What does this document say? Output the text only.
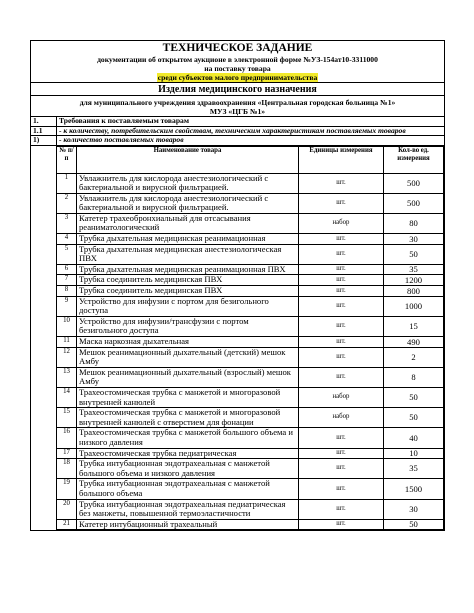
ТЕХНИЧЕСКОЕ ЗАДАНИЕ
документации об открытом аукционе в электронной форме №УЗ-154ат10-3311000
на поставку товара
среди субъектов малого предпринимательства
Изделия медицинского назначения
для муниципального учреждения здравоохранения «Центральная городская больница №1»
МУЗ «ЦГБ №1»
1.	Требования к поставляемым товарам
1.1	- к количеству, потребительским свойствам, техническим характеристикам поставляемых товаров
1)	- количество поставляемых товаров
№ п/п	Наименование товара	Единицы измерения	Кол-во ед. измерения
1	Увлажнитель для кислорода анестезиологический с бактериальной и вирусной фильтрацией.	шт.	500
2	Увлажнитель для кислорода анестезиологический с бактериальной и вирусной фильтрацией.	шт.	500
3	Катетер трахеобронхиальный для отсасывания реаниматологический	набор	80
4	Трубка дыхательная медицинская реанимационная	шт.	30
5	Трубка дыхательная медицинская анестезиологическая ПВХ	шт.	50
6	Трубка дыхательная медицинская реанимационная ПВХ	шт.	35
7	Трубка соединитель медицинская ПВХ	шт.	1200
8	Трубка соединитель медицинская ПВХ	шт.	800
9	Устройство для инфузии с портом для безигольного доступа	шт.	1000
10	Устройство для инфузии/трансфузии с портом безигольного доступа	шт.	15
11	Маска наркозная дыхательная	шт.	490
12	Мешок реанимационный дыхательный (детский) мешок Амбу	шт.	2
13	Мешок реанимационный дыхательный (взрослый) мешок Амбу	шт.	8
14	Трахеостомическая трубка с манжетой и многоразовой внутренней канюлей	набор	50
15	Трахеостомическая трубка с манжетой и многоразовой внутренней канюлей с отверстием для фонации	набор	50
16	Трахеостомическая трубка с манжетой большого объема и низкого давления	шт.	40
17	Трахеостомическая трубка педиатрическая	шт.	10
18	Трубка интубационная эндотрахеальная с манжетой большого объема и низкого давления	шт.	35
19	Трубка интубационная эндотрахеальная с манжетой большого объема	шт.	1500
20	Трубка интубационная эндотрахеальная педиатрическая без манжеты, повышенной термоэластичности	шт.	30
21	Катетер интубационный трахеальный	шт.	50
